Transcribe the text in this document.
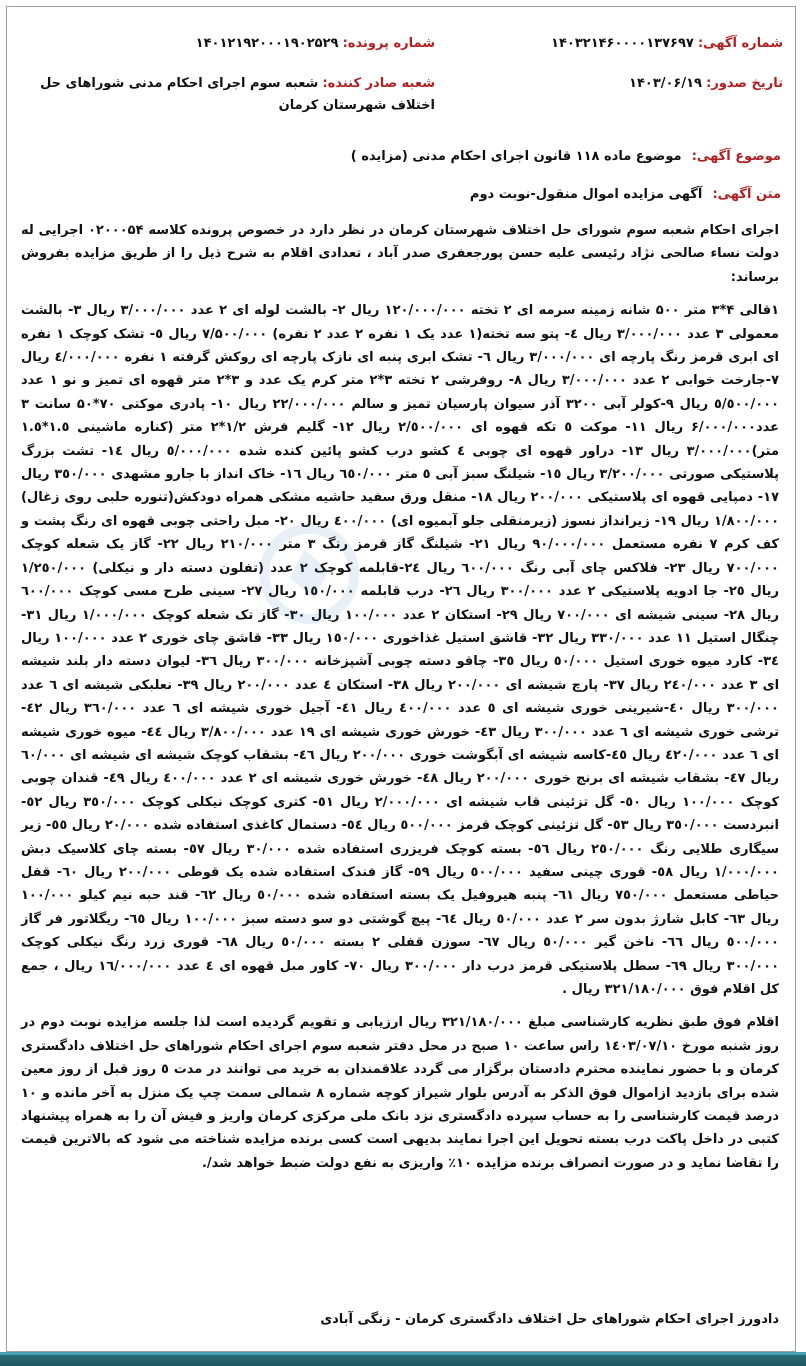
شماره آگهی: ۱۴۰۳۲۱۴۶۰۰۰۰۱۳۷۶۹۷
شماره پرونده: ۱۴۰۱۲۱۹۲۰۰۰۱۹۰۲۵۲۹
تاریخ صدور: ۱۴۰۳/۰۶/۱۹
شعبه صادر کننده: شعبه سوم اجرای احکام مدنی شوراهای حل اختلاف شهرستان کرمان
موضوع آگهی: موضوع ماده ۱۱۸ قانون اجرای احکام مدنی (مزایده )
متن آگهی: آگهی مزایده اموال منقول-نوبت دوم

اجرای احکام شعبه سوم شورای حل اختلاف شهرستان کرمان در نظر دارد در خصوص پرونده کلاسه ۰۲۰۰۰۵۴ اجرایی له دولت نساء صالحی نژاد رئیسی علیه حسن پورجعفری صدر آباد ، تعدادی اقلام به شرح ذیل را از طریق مزایده بفروش برساند:

۱قالی ۴*۳ متر ۵۰۰ شانه زمینه سرمه ای ۲ تخته ۱۲۰/۰۰۰/۰۰۰ ریال ۲- بالشت لوله ای ۲ عدد ۳/۰۰۰/۰۰۰ ریال ۳- بالشت معمولی ۳ عدد ۳/۰۰۰/۰۰۰ ریال ٤- پتو سه تخته(۱ عدد یک ۱ نفره ۲ عدد ۲ نفره) ۷/۵۰۰/۰۰۰ ریال ٥- تشک کوچک ۱ نفره ای ابری قرمز رنگ پارچه ای ۳/۰۰۰/۰۰۰ ریال ٦- تشک ابری پنبه ای نازک پارچه ای روکش گرفته ۱ نفره ٤/۰۰۰/۰۰۰ ریال ۷-جارخت خوابی ۲ عدد ۳/۰۰۰/۰۰۰ ریال ۸- روفرشی ۲ تخته ۳*۲ متر کرم یک عدد و ۳*۲ متر قهوه ای تمیز و نو ۱ عدد ٥/٥۰۰/۰۰۰ ریال ۹-کولر آبی ۳۲۰۰ آذر سیوان پارسیان تمیز و سالم ۲۲/۰۰۰/۰۰۰ ریال ۱۰- پادری موکتی ۷۰*۵۰ سانت ۳ عدد۶/۰۰۰/۰۰۰ ریال ۱۱- موکت ٥ تکه قهوه ای ۲/٥۰۰/۰۰۰ ریال ۱۲- گلیم فرش ۱/۲*۲ متر (کناره ماشینی ۱.٥*۱.٥ متر)۳/۰۰۰/۰۰۰ ریال ۱۳- دراور قهوه ای چوبی ٤ کشو درب کشو پائین کنده شده ٥/۰۰۰/۰۰۰ ریال ۱٤- تشت بزرگ پلاستیکی صورتی ۳/۲۰۰/۰۰۰ ریال ۱٥- شیلنگ سبز آبی ٥ متر ٦٥۰/۰۰۰ ریال ۱٦- خاک انداز با جارو مشهدی ۳٥۰/۰۰۰ ریال ۱۷- دمپایی قهوه ای پلاستیکی ۲۰۰/۰۰۰ ریال ۱۸- منقل ورق سفید حاشیه مشکی همراه دودکش(تنوره حلبی روی زغال) ۱/۸۰۰/۰۰۰ ریال ۱۹- زیرانداز نسوز (زیرمنقلی جلو آبمیوه ای) ٤۰۰/۰۰۰ ریال ۲۰- مبل راحتی چوبی قهوه ای رنگ پشت و کف کرم ۷ نفره مستعمل ۹۰/۰۰۰/۰۰۰ ریال ۲۱- شیلنگ گاز قرمز رنگ ۳ متر ۲۱۰/۰۰۰ ریال ۲۲- گاز یک شعله کوچک ۷۰۰/۰۰۰ ریال ۲۳- فلاکس چای آبی رنگ ٦۰۰/۰۰۰ ریال ۲٤-قابلمه کوچک ۲ عدد (تفلون دسته دار و نیکلی) ۱/۲٥۰/۰۰۰ ریال ۲٥- جا ادویه پلاستیکی ۲ عدد ۳۰۰/۰۰۰ ریال ۲٦- درب قابلمه ۱٥۰/۰۰۰ ریال ۲۷- سینی طرح مسی کوچک ٦۰۰/۰۰۰ ریال ۲۸- سینی شیشه ای ۷۰۰/۰۰۰ ریال ۲۹- استکان ۲ عدد ۱۰۰/۰۰۰ ریال ۳۰- گاز تک شعله کوچک ۱/۰۰۰/۰۰۰ ریال ۳۱- چنگال استیل ۱۱ عدد ۳۳۰/۰۰۰ ریال ۳۲- قاشق استیل غذاخوری ۱٥۰/۰۰۰ ریال ۳۳- قاشق چای خوری ۲ عدد ۱۰۰/۰۰۰ ریال ۳٤- کارد میوه خوری استیل ٥۰/۰۰۰ ریال ۳٥- چاقو دسته چوبی آشپزخانه ۳۰۰/۰۰۰ ریال ۳٦- لیوان دسته دار بلند شیشه ای ۳ عدد ۲٤۰/۰۰۰ ریال ۳۷- پارچ شیشه ای ۲۰۰/۰۰۰ ریال ۳۸- استکان ٤ عدد ۲۰۰/۰۰۰ ریال ۳۹- نعلبکی شیشه ای ٦ عدد ۳۰۰/۰۰۰ ریال ٤۰-شیرینی خوری شیشه ای ٥ عدد ٤۰۰/۰۰۰ ریال ٤۱- آجیل خوری شیشه ای ٦ عدد ۳٦۰/۰۰۰ ریال ٤۲- ترشی خوری شیشه ای ٦ عدد ۳۰۰/۰۰۰ ریال ٤۳- خورش خوری شیشه ای ۱۹ عدد ۳/۸۰۰/۰۰۰ ریال ٤٤- میوه خوری شیشه ای ٦ عدد ٤۲۰/۰۰۰ ریال ٤٥-کاسه شیشه ای آبگوشت خوری ۲۰۰/۰۰۰ ریال ٤٦- بشقاب کوچک شیشه ای شیشه ای ٦۰/۰۰۰ ریال ٤۷- بشقاب شیشه ای برنج خوری ۲۰۰/۰۰۰ ریال ٤۸- خورش خوری شیشه ای ۲ عدد ٤۰۰/۰۰۰ ریال ٤۹- قندان چوبی کوچک ۱۰۰/۰۰۰ ریال ٥۰- گل تزئینی قاب شیشه ای ۲/۰۰۰/۰۰۰ ریال ٥۱- کتری کوچک نیکلی کوچک ۳٥۰/۰۰۰ ریال ٥۲- انبردست ۳٥۰/۰۰۰ ریال ٥۳- گل تزئینی کوچک قرمز ٥۰۰/۰۰۰ ریال ٥٤- دستمال کاغذی استفاده شده ۲۰/۰۰۰ ریال ٥٥- زیر سیگاری طلایی رنگ ۲٥۰/۰۰۰ ریال ٥٦- بسته کوچک فریزری استفاده شده ۳۰/۰۰۰ ریال ٥۷- بسته چای کلاسیک دبش ۱/۰۰۰/۰۰۰ ریال ٥۸- قوری چینی سفید ٥۰۰/۰۰۰ ریال ٥۹- گاز فندک استفاده شده یک قوطی ۲۰۰/۰۰۰ ریال ٦۰- قفل حیاطی مستعمل ۷٥۰/۰۰۰ ریال ٦۱- پنبه هیروفیل یک بسته استفاده شده ٥۰/۰۰۰ ریال ٦۲- قند حبه نیم کیلو ۱۰۰/۰۰۰ ریال ٦۳- کابل شارژ بدون سر ۲ عدد ٥۰/۰۰۰ ریال ٦٤- پیچ گوشتی دو سو دسته سبز ۱۰۰/۰۰۰ ریال ٦٥- ریگلاتور فر گاز ٥۰۰/۰۰۰ ریال ٦٦- ناخن گیر ٥۰/۰۰۰ ریال ٦۷- سوزن قفلی ۲ بسته ٥۰/۰۰۰ ریال ٦۸- قوری زرد رنگ نیکلی کوچک ۳۰۰/۰۰۰ ریال ٦۹- سطل پلاستیکی قرمز درب دار ۳۰۰/۰۰۰ ریال ۷۰- کاور مبل قهوه ای ٤ عدد ۱٦/۰۰۰/۰۰۰ ریال ، جمع کل اقلام فوق ۳۲۱/۱۸۰/۰۰۰ ریال .

اقلام فوق طبق نظریه کارشناسی مبلغ ۳۲۱/۱۸۰/۰۰۰ ریال ارزیابی و تقویم گردیده است لذا جلسه مزایده نوبت دوم در روز شنبه مورخ ۱٤۰۳/۰۷/۱۰ راس ساعت ۱۰ صبح در محل دفتر شعبه سوم اجرای احکام شوراهای حل اختلاف دادگستری کرمان و با حضور نماینده محترم دادستان برگزار می گردد علاقمندان به خرید می توانند در مدت ٥ روز قبل از روز معین شده برای بازدید ازاموال فوق الذکر به آدرس بلوار شیراز کوچه شماره ۸ شمالی سمت چپ یک منزل به آخر مانده و ۱۰ درصد قیمت کارشناسی را به حساب سپرده دادگستری نزد بانک ملی مرکزی کرمان واریز و فیش آن را به همراه پیشنهاد کتبی در داخل پاکت درب بسته تحویل این اجرا نمایند بدیهی است کسی برنده مزایده شناخته می شود که بالاترین قیمت را تقاضا نماید و در صورت انصراف برنده مزایده ۱۰٪ واریزی به نفع دولت ضبط خواهد شد/.

دادورز اجرای احکام شوراهای حل اختلاف دادگستری کرمان - زنگی آبادی
